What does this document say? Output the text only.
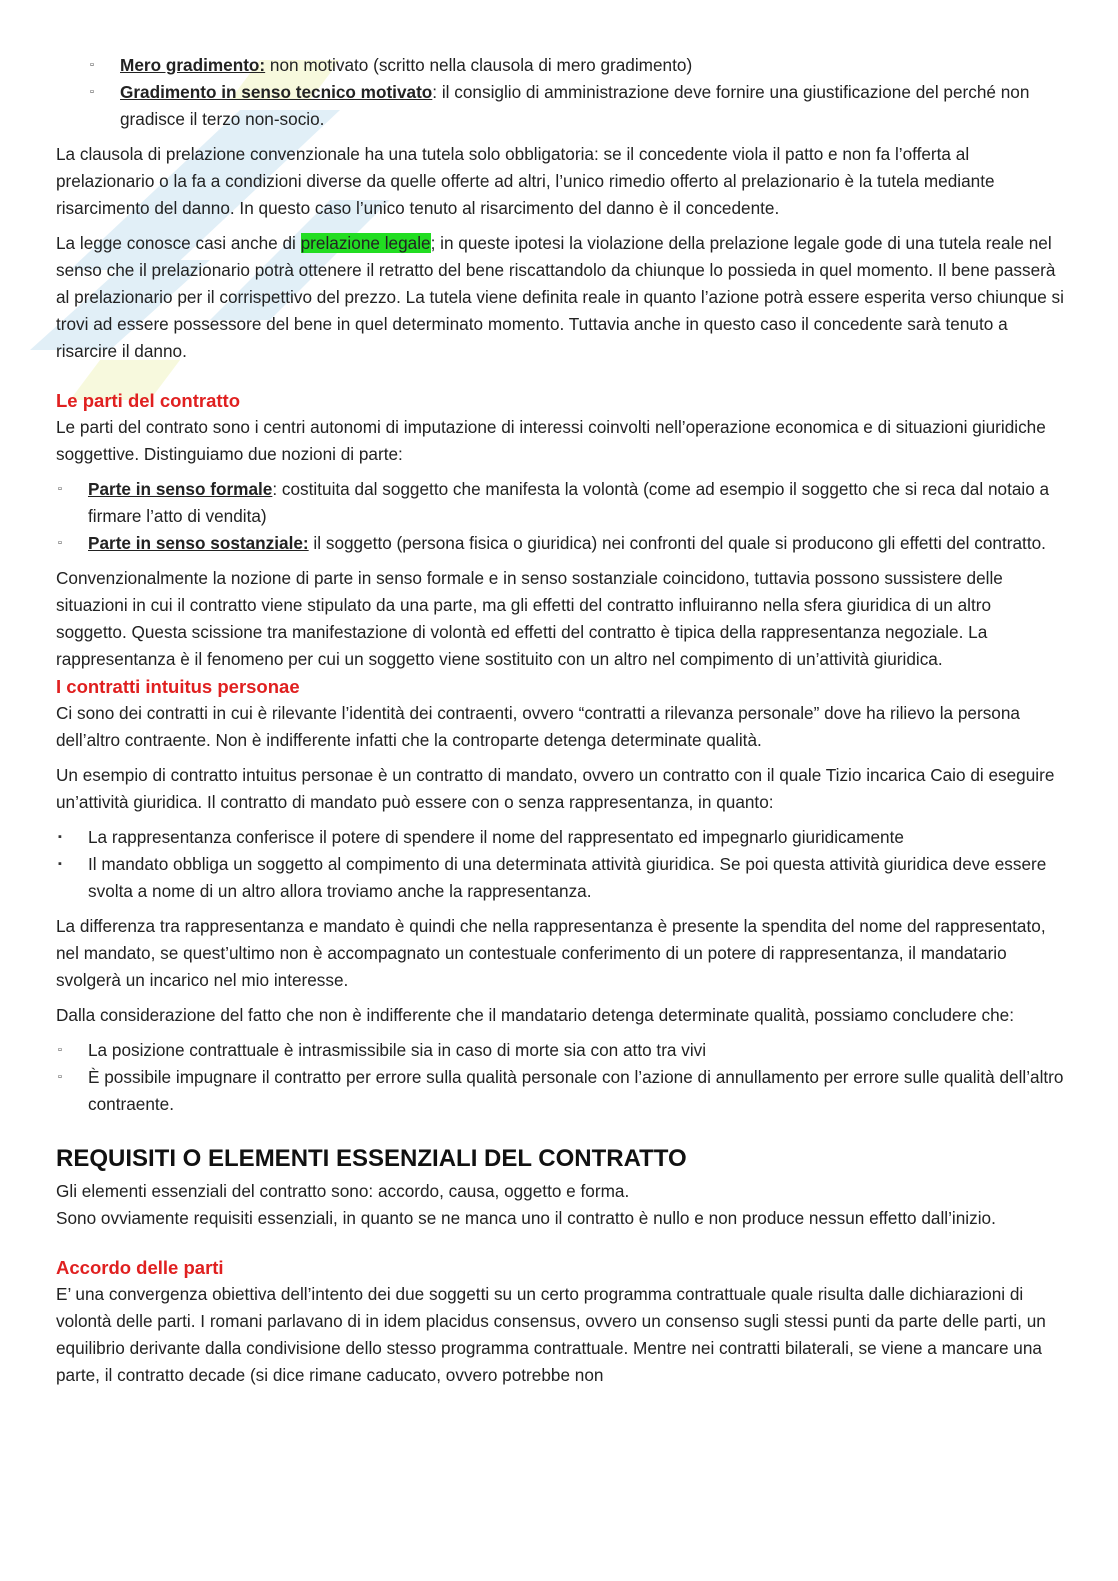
▫ Mero gradimento: non motivato (scritto nella clausola di mero gradimento)
▫ Gradimento in senso tecnico motivato: il consiglio di amministrazione deve fornire una giustificazione del perché non gradisce il terzo non-socio.

La clausola di prelazione convenzionale ha una tutela solo obbligatoria: se il concedente viola il patto e non fa l’offerta al prelazionario o la fa a condizioni diverse da quelle offerte ad altri, l’unico rimedio offerto al prelazionario è la tutela mediante risarcimento del danno. In questo caso l’unico tenuto al risarcimento del danno è il concedente.

La legge conosce casi anche di prelazione legale; in queste ipotesi la violazione della prelazione legale gode di una tutela reale nel senso che il prelazionario potrà ottenere il retratto del bene riscattandolo da chiunque lo possieda in quel momento. Il bene passerà al prelazionario per il corrispettivo del prezzo. La tutela viene definita reale in quanto l’azione potrà essere esperita verso chiunque si trovi ad essere possessore del bene in quel determinato momento. Tuttavia anche in questo caso il concedente sarà tenuto a risarcire il danno.

Le parti del contratto

Le parti del contrato sono i centri autonomi di imputazione di interessi coinvolti nell’operazione economica e di situazioni giuridiche soggettive. Distinguiamo due nozioni di parte:

▫ Parte in senso formale: costituita dal soggetto che manifesta la volontà (come ad esempio il soggetto che si reca dal notaio a firmare l’atto di vendita)
▫ Parte in senso sostanziale: il soggetto (persona fisica o giuridica) nei confronti del quale si producono gli effetti del contratto.

Convenzionalmente la nozione di parte in senso formale e in senso sostanziale coincidono, tuttavia possono sussistere delle situazioni in cui il contratto viene stipulato da una parte, ma gli effetti del contratto influiranno nella sfera giuridica di un altro soggetto. Questa scissione tra manifestazione di volontà ed effetti del contratto è tipica della rappresentanza negoziale. La rappresentanza è il fenomeno per cui un soggetto viene sostituito con un altro nel compimento di un’attività giuridica.

I contratti intuitus personae

Ci sono dei contratti in cui è rilevante l’identità dei contraenti, ovvero “contratti a rilevanza personale” dove ha rilievo la persona dell’altro contraente. Non è indifferente infatti che la controparte detenga determinate qualità.

Un esempio di contratto intuitus personae è un contratto di mandato, ovvero un contratto con il quale Tizio incarica Caio di eseguire un’attività giuridica. Il contratto di mandato può essere con o senza rappresentanza, in quanto:

▪ La rappresentanza conferisce il potere di spendere il nome del rappresentato ed impegnarlo giuridicamente
▪ Il mandato obbliga un soggetto al compimento di una determinata attività giuridica. Se poi questa attività giuridica deve essere svolta a nome di un altro allora troviamo anche la rappresentanza.

La differenza tra rappresentanza e mandato è quindi che nella rappresentanza è presente la spendita del nome del rappresentato, nel mandato, se quest’ultimo non è accompagnato un contestuale conferimento di un potere di rappresentanza, il mandatario svolgerà un incarico nel mio interesse.

Dalla considerazione del fatto che non è indifferente che il mandatario detenga determinate qualità, possiamo concludere che:

▫ La posizione contrattuale è intrasmissibile sia in caso di morte sia con atto tra vivi
▫ È possibile impugnare il contratto per errore sulla qualità personale con l’azione di annullamento per errore sulle qualità dell’altro contraente.
REQUISITI O ELEMENTI ESSENZIALI DEL CONTRATTO

Gli elementi essenziali del contratto sono: accordo, causa, oggetto e forma.

Sono ovviamente requisiti essenziali, in quanto se ne manca uno il contratto è nullo e non produce nessun effetto dall’inizio.

Accordo delle parti

E’ una convergenza obiettiva dell’intento dei due soggetti su un certo programma contrattuale quale risulta dalle dichiarazioni di volontà delle parti. I romani parlavano di in idem placidus consensus, ovvero un consenso sugli stessi punti da parte delle parti, un equilibrio derivante dalla condivisione dello stesso programma contrattuale. Mentre nei contratti bilaterali, se viene a mancare una parte, il contratto decade (si dice rimane caducato, ovvero potrebbe non
